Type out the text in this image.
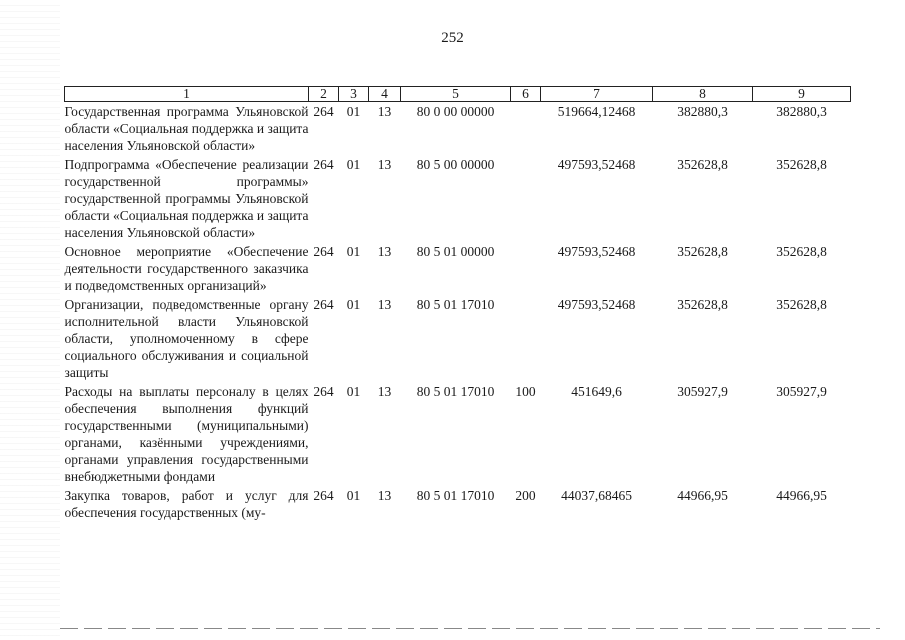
252
1	2	3	4	5	6	7	8	9
Государственная программа Ульяновской области «Социальная поддержка и защита населения Ульяновской области»	264	01	13	80 0 00 00000		519664,12468	382880,3	382880,3
Подпрограмма «Обеспечение реализации государственной программы» государственной программы Ульяновской области «Социальная поддержка и защита населения Ульяновской области»	264	01	13	80 5 00 00000		497593,52468	352628,8	352628,8
Основное мероприятие «Обеспечение деятельности государственного заказчика и подведомственных организаций»	264	01	13	80 5 01 00000		497593,52468	352628,8	352628,8
Организации, подведомственные органу исполнительной власти Ульяновской области, уполномоченному в сфере социального обслуживания и социальной защиты	264	01	13	80 5 01 17010		497593,52468	352628,8	352628,8
Расходы на выплаты персоналу в целях обеспечения выполнения функций государственными (муниципальными) органами, казёнными учреждениями, органами управления государственными внебюджетными фондами	264	01	13	80 5 01 17010	100	451649,6	305927,9	305927,9
Закупка товаров, работ и услуг для обеспечения государственных (му-	264	01	13	80 5 01 17010	200	44037,68465	44966,95	44966,95
